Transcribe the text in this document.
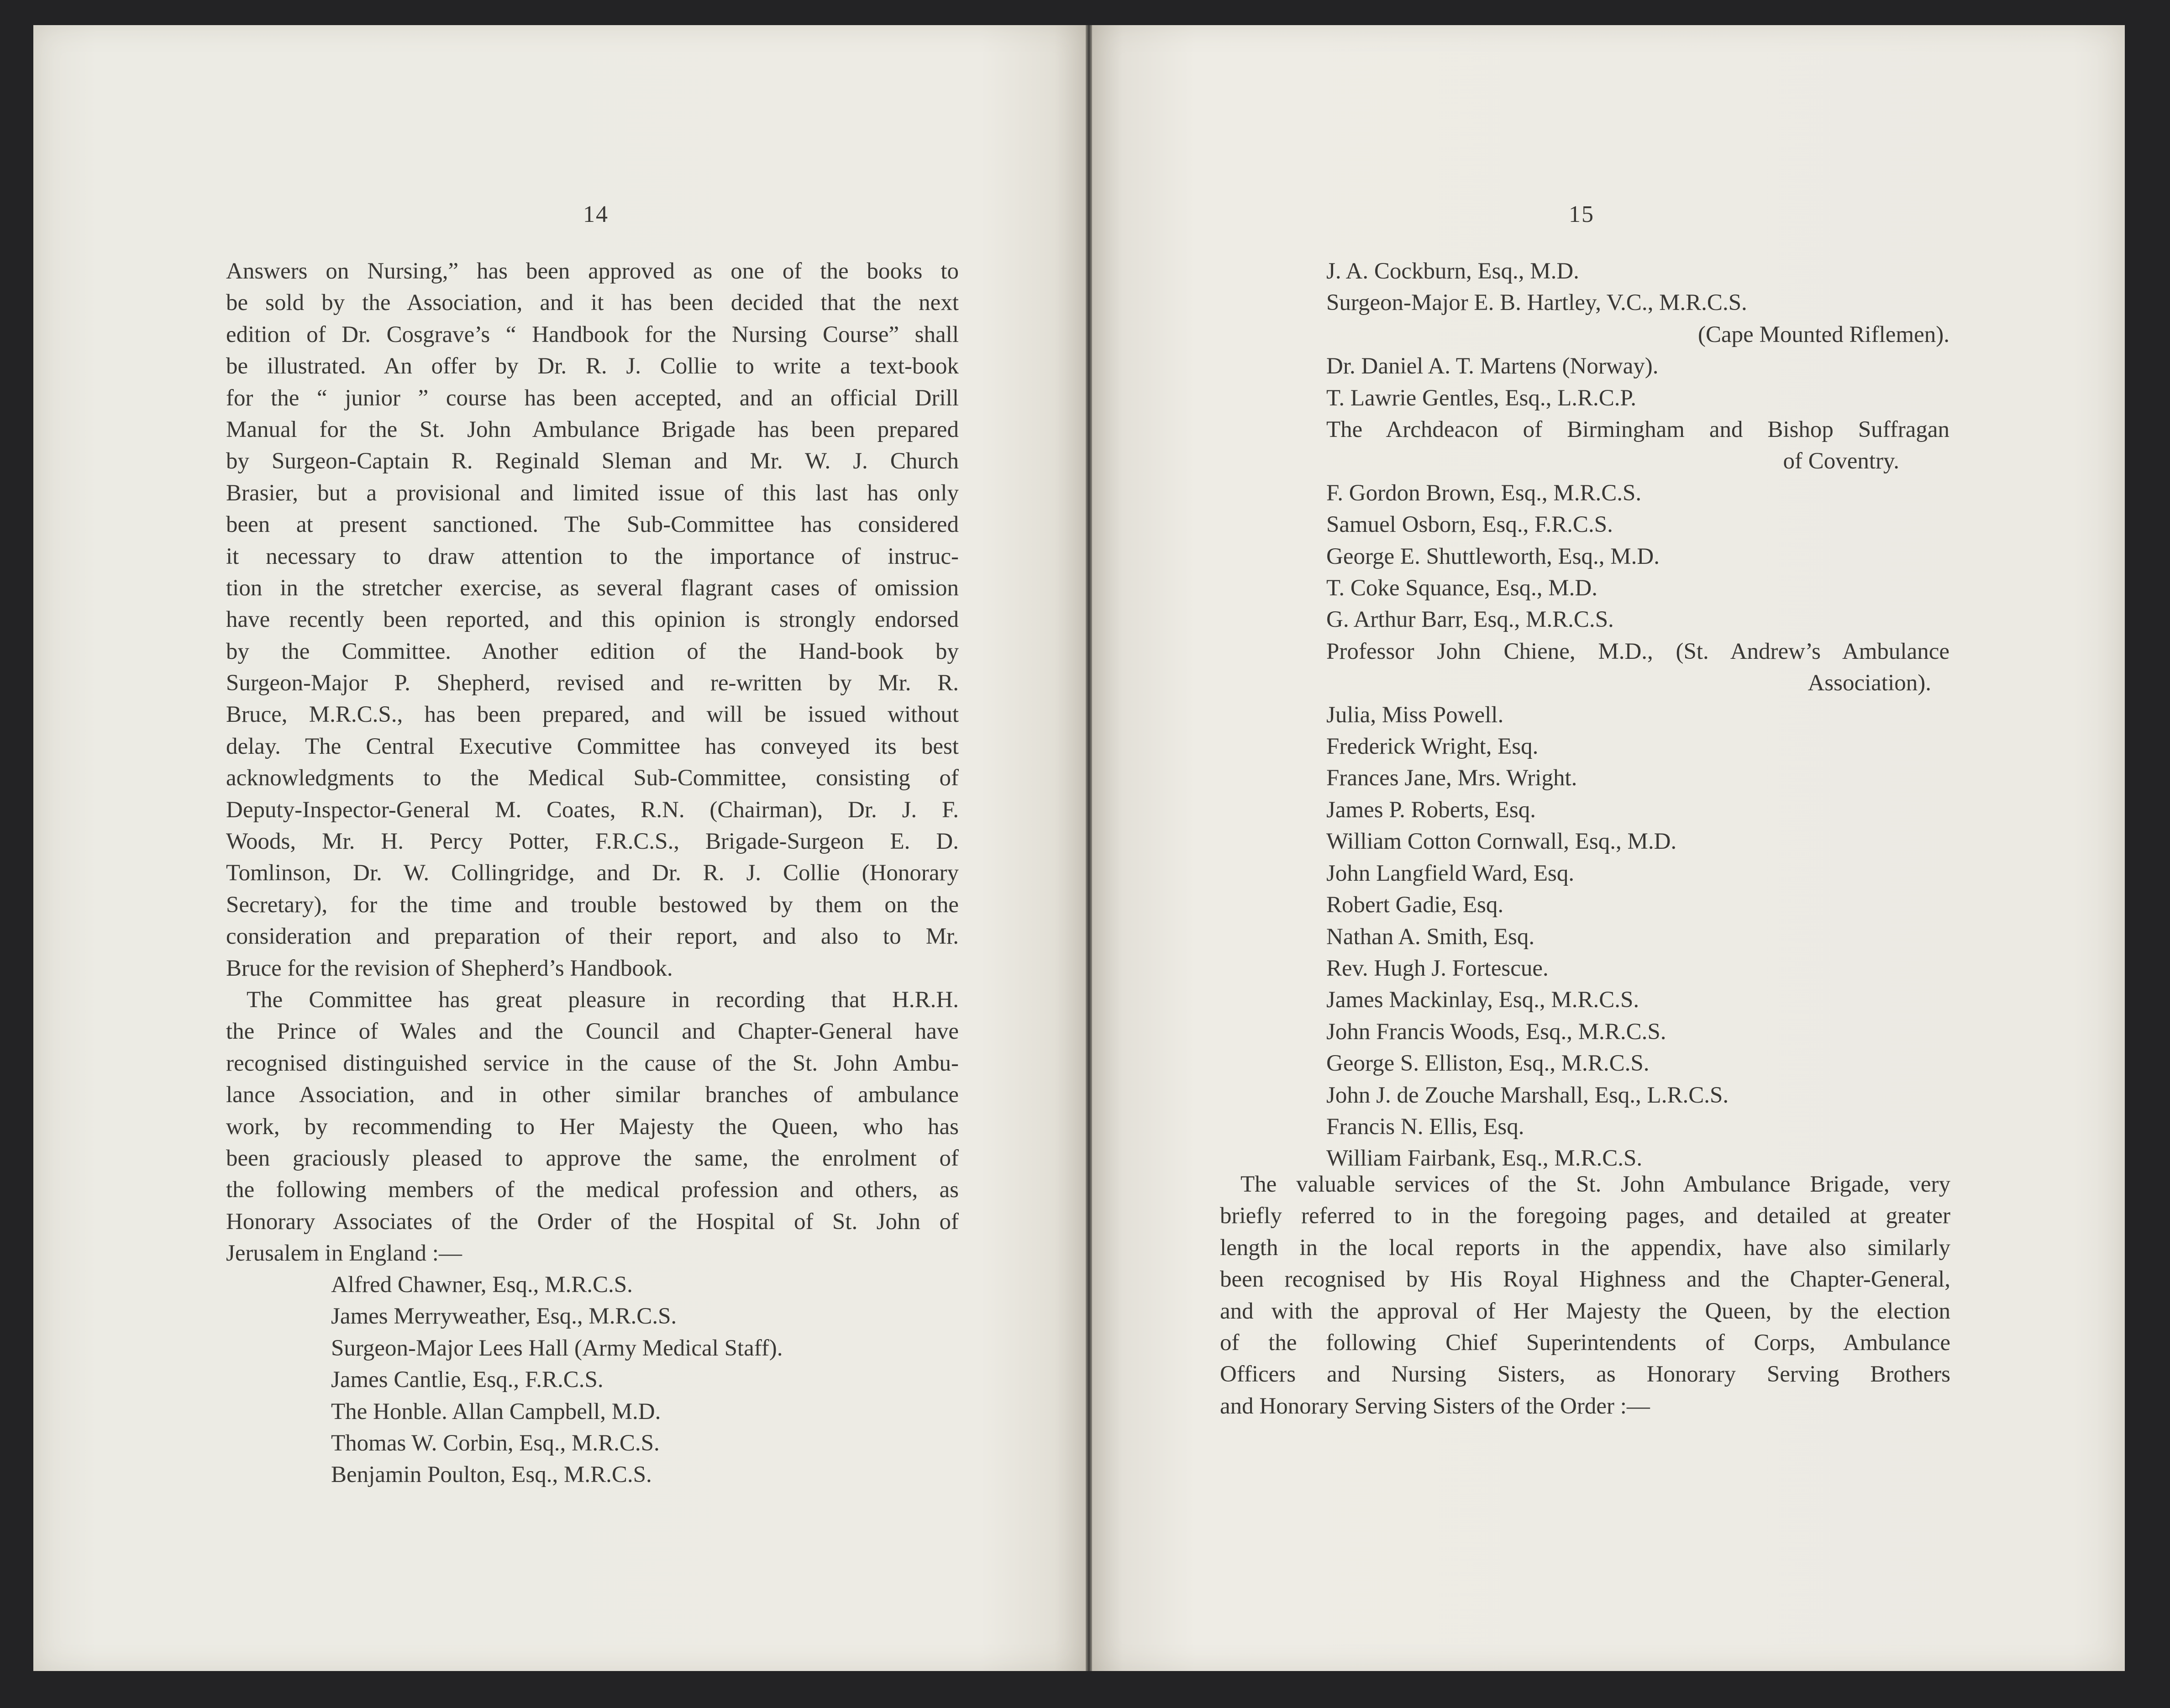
14
Answers on Nursing,” has been approved as one of the books to
be sold by the Association, and it has been decided that the next
edition of Dr. Cosgrave’s “ Handbook for the Nursing Course” shall
be illustrated. An offer by Dr. R. J. Collie to write a text-book
for the “ junior ” course has been accepted, and an official Drill
Manual for the St. John Ambulance Brigade has been prepared
by Surgeon-Captain R. Reginald Sleman and Mr. W. J. Church
Brasier, but a provisional and limited issue of this last has only
been at present sanctioned. The Sub-Committee has considered
it necessary to draw attention to the importance of instruc-
tion in the stretcher exercise, as several flagrant cases of omission
have recently been reported, and this opinion is strongly endorsed
by the Committee. Another edition of the Hand-book by
Surgeon-Major P. Shepherd, revised and re-written by Mr. R.
Bruce, M.R.C.S., has been prepared, and will be issued without
delay. The Central Executive Committee has conveyed its best
acknowledgments to the Medical Sub-Committee, consisting of
Deputy-Inspector-General M. Coates, R.N. (Chairman), Dr. J. F.
Woods, Mr. H. Percy Potter, F.R.C.S., Brigade-Surgeon E. D.
Tomlinson, Dr. W. Collingridge, and Dr. R. J. Collie (Honorary
Secretary), for the time and trouble bestowed by them on the
consideration and preparation of their report, and also to Mr.
Bruce for the revision of Shepherd’s Handbook.
The Committee has great pleasure in recording that H.R.H.
the Prince of Wales and the Council and Chapter-General have
recognised distinguished service in the cause of the St. John Ambu-
lance Association, and in other similar branches of ambulance
work, by recommending to Her Majesty the Queen, who has
been graciously pleased to approve the same, the enrolment of
the following members of the medical profession and others, as
Honorary Associates of the Order of the Hospital of St. John of
Jerusalem in England :—
Alfred Chawner, Esq., M.R.C.S.
James Merryweather, Esq., M.R.C.S.
Surgeon-Major Lees Hall (Army Medical Staff).
James Cantlie, Esq., F.R.C.S.
The Honble. Allan Campbell, M.D.
Thomas W. Corbin, Esq., M.R.C.S.
Benjamin Poulton, Esq., M.R.C.S.
15
J. A. Cockburn, Esq., M.D.
Surgeon-Major E. B. Hartley, V.C., M.R.C.S.
(Cape Mounted Riflemen).
Dr. Daniel A. T. Martens (Norway).
T. Lawrie Gentles, Esq., L.R.C.P.
The Archdeacon of Birmingham and Bishop Suffragan
of Coventry.
F. Gordon Brown, Esq., M.R.C.S.
Samuel Osborn, Esq., F.R.C.S.
George E. Shuttleworth, Esq., M.D.
T. Coke Squance, Esq., M.D.
G. Arthur Barr, Esq., M.R.C.S.
Professor John Chiene, M.D., (St. Andrew’s Ambulance
Association).
Julia, Miss Powell.
Frederick Wright, Esq.
Frances Jane, Mrs. Wright.
James P. Roberts, Esq.
William Cotton Cornwall, Esq., M.D.
John Langfield Ward, Esq.
Robert Gadie, Esq.
Nathan A. Smith, Esq.
Rev. Hugh J. Fortescue.
James Mackinlay, Esq., M.R.C.S.
John Francis Woods, Esq., M.R.C.S.
George S. Elliston, Esq., M.R.C.S.
John J. de Zouche Marshall, Esq., L.R.C.S.
Francis N. Ellis, Esq.
William Fairbank, Esq., M.R.C.S.
The valuable services of the St. John Ambulance Brigade, very
briefly referred to in the foregoing pages, and detailed at greater
length in the local reports in the appendix, have also similarly
been recognised by His Royal Highness and the Chapter-General,
and with the approval of Her Majesty the Queen, by the election
of the following Chief Superintendents of Corps, Ambulance
Officers and Nursing Sisters, as Honorary Serving Brothers
and Honorary Serving Sisters of the Order :—
